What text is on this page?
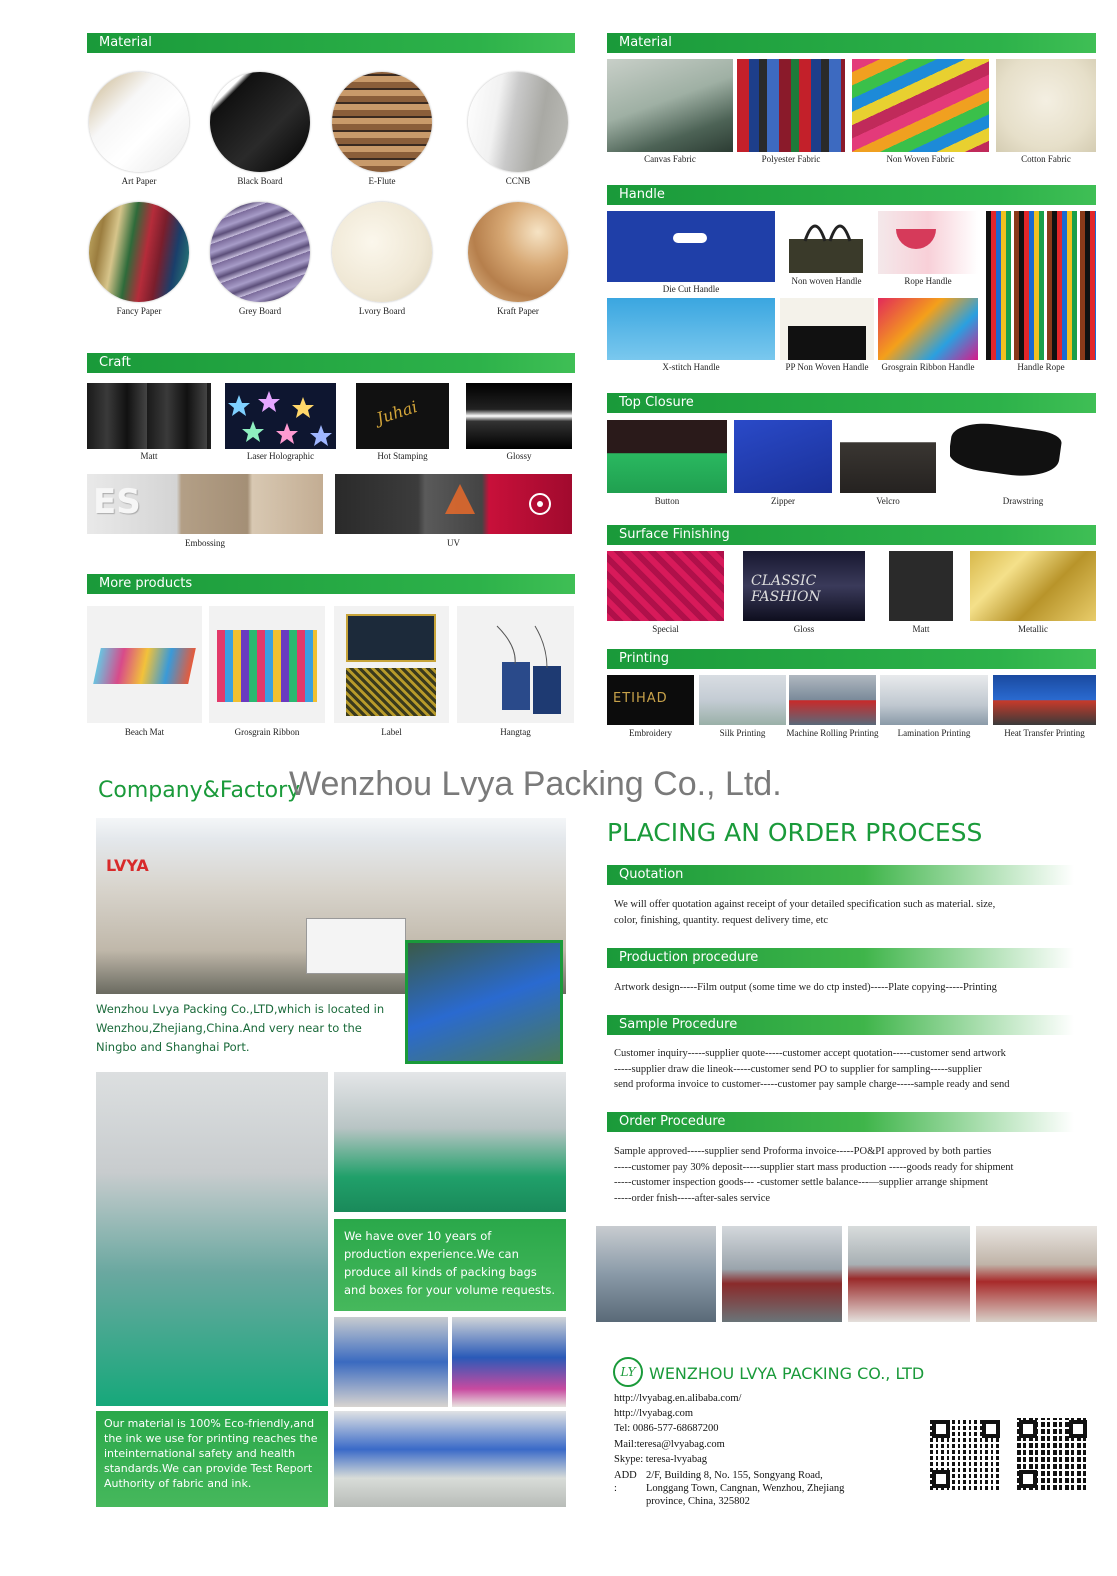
Material
Art Paper	Black Board	E-Flute	CCNB
Fancy Paper	Grey Board	Lvory Board	Kraft Paper
Craft
Matt	Laser Holographic
Juhai
Hot Stamping	Glossy
ES
Embossing	UV
More products
Beach Mat	Grosgrain Ribbon	Label	Hangtag
Material
Canvas Fabric	Polyester Fabric	Non Woven Fabric	Cotton Fabric
Handle
Die Cut Handle
Non woven Handle	Rope Handle
Handle Rope
X-stitch Handle	PP Non Woven Handle	Grosgrain Ribbon Handle
Top Closure
Button	Zipper	Velcro	Drawstring
Surface Finishing
Special
CLASSIC FASHION
Gloss	Matt	Metallic
Printing
ETIHAD
Embroidery	Silk Printing	Machine Rolling Printing	Lamination Printing	Heat Transfer Printing
Company&Factory
Wenzhou Lvya Packing Co., Ltd.
LVYA
Wenzhou Lvya Packing Co.,LTD,which is located in Wenzhou,Zhejiang,China.And very near to the Ningbo and Shanghai Port.
We have over 10 years of production experience.We can produce all kinds of packing bags and boxes for your volume requests.
Our material is 100% Eco-friendly,and the ink we use for printing reaches the inteinternational safety and health standards.We can provide Test Report Authority of fabric and ink.
PLACING AN ORDER PROCESS
Quotation
We will offer quotation against receipt of your detailed specification such as material. size,
color, finishing, quantity. request delivery time, etc
Production procedure
Artwork design-----Film output (some time we do ctp insted)-----Plate copying-----Printing
Sample Procedure
Customer inquiry-----supplier quote-----customer accept quotation-----customer send artwork
-----supplier draw die lineok-----customer send PO to supplier for sampling-----supplier
send proforma invoice to customer-----customer pay sample charge-----sample ready and send
Order Procedure
Sample approved-----supplier send Proforma invoice-----PO&PI approved by both parties
-----customer pay 30% deposit-----supplier start mass production -----goods ready for shipment
-----customer inspection goods--- -customer settle balance---—supplier arrange shipment
-----order fnish-----after-sales service
LY WENZHOU LVYA PACKING CO., LTD
http://lvyabag.en.alibaba.com/
http://lvyabag.com
Tel: 0086-577-68687200
Mail:teresa@lvyabag.com
Skype: teresa-lvyabag
ADD :
2/F, Building 8, No. 155, Songyang Road,
Longgang Town, Cangnan, Wenzhou, Zhejiang
province, China, 325802
